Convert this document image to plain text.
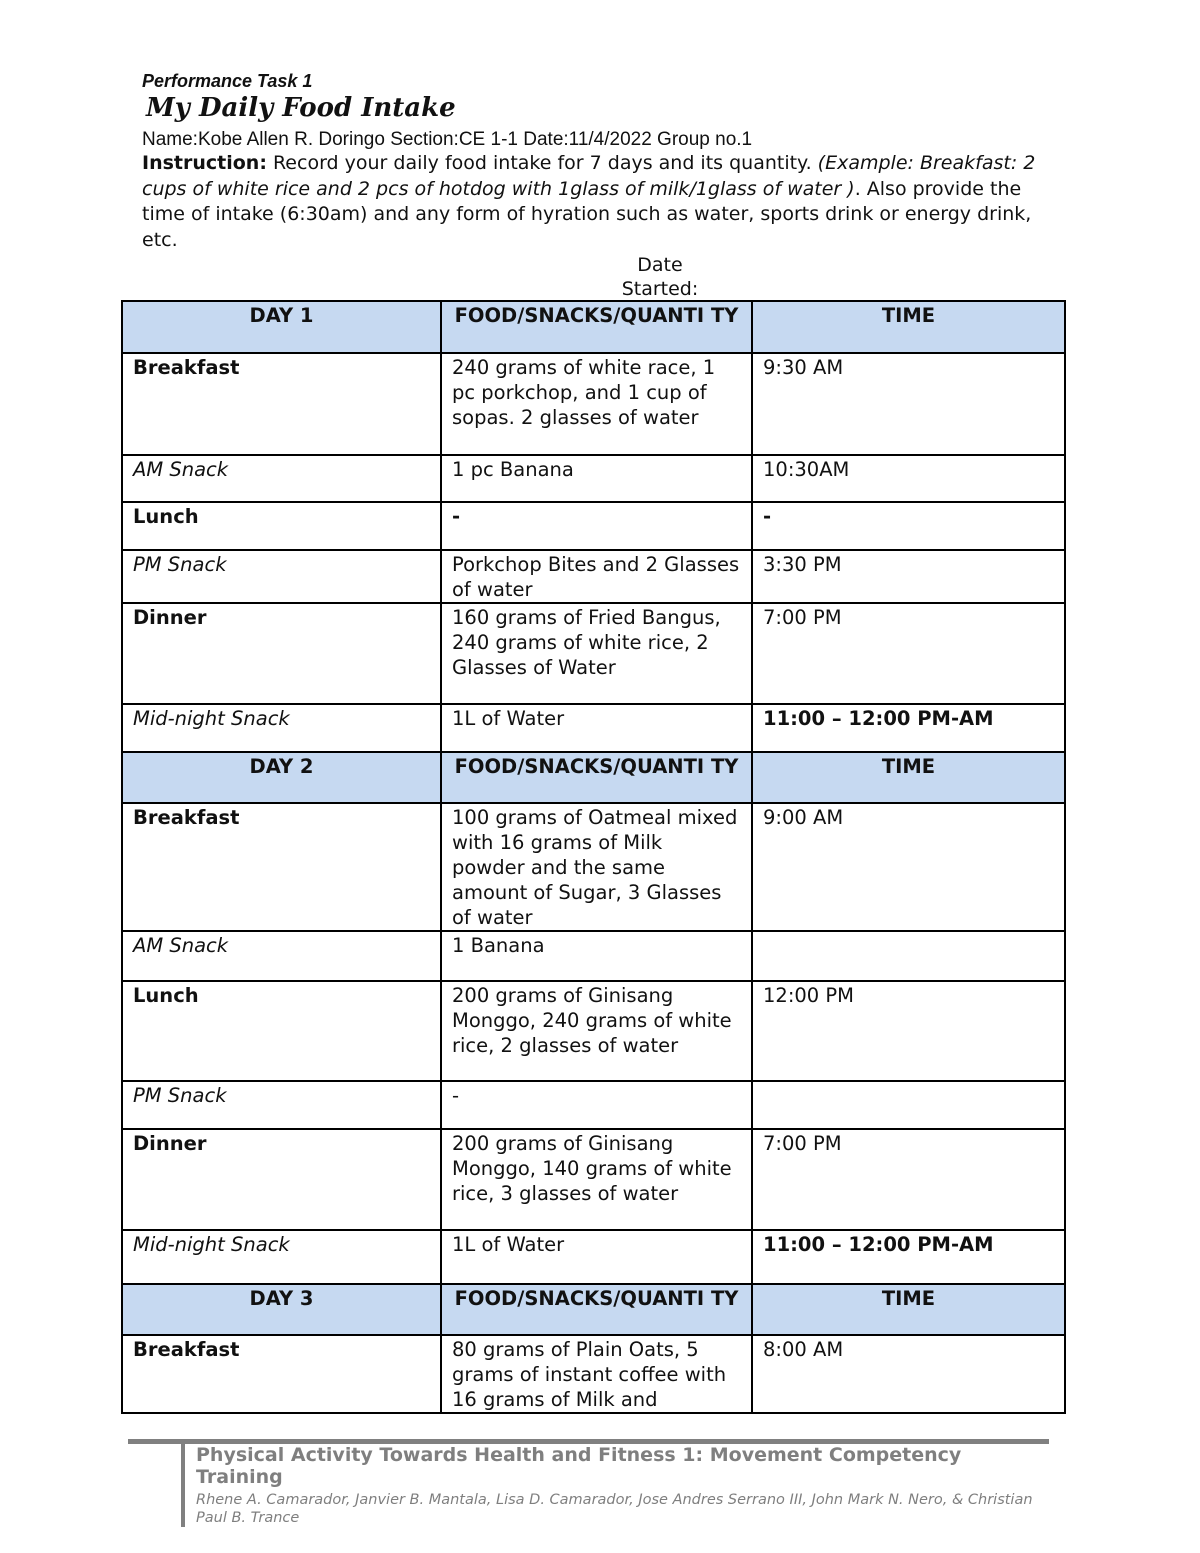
Performance Task 1
My Daily Food Intake
Name:Kobe Allen R. Doringo Section:CE 1-1 Date:11/4/2022 Group no.1
Instruction: Record your daily food intake for 7 days and its quantity. (Example: Breakfast: 2 cups of white rice and 2 pcs of hotdog with 1glass of milk/1glass of water ). Also provide the time of intake (6:30am) and any form of hyration such as water, sports drink or energy drink, etc.
Date
Started:
DAY 1	FOOD/SNACKS/QUANTI TY	TIME
Breakfast	240 grams of white race, 1 pc porkchop, and 1 cup of sopas. 2 glasses of water	9:30 AM
AM Snack	1 pc Banana	10:30AM
Lunch	-	-
PM Snack	Porkchop Bites and 2 Glasses of water	3:30 PM
Dinner	160 grams of Fried Bangus, 240 grams of white rice, 2 Glasses of Water	7:00 PM
Mid-night Snack	1L of Water	11:00 – 12:00 PM-AM
DAY 2	FOOD/SNACKS/QUANTI TY	TIME
Breakfast	100 grams of Oatmeal mixed with 16 grams of Milk powder and the same amount of Sugar, 3 Glasses of water	9:00 AM
AM Snack	1 Banana	
Lunch	200 grams of Ginisang Monggo, 240 grams of white rice, 2 glasses of water	12:00 PM
PM Snack	-	
Dinner	200 grams of Ginisang Monggo, 140 grams of white rice, 3 glasses of water	7:00 PM
Mid-night Snack	1L of Water	11:00 – 12:00 PM-AM
DAY 3	FOOD/SNACKS/QUANTI TY	TIME
Breakfast	80 grams of Plain Oats, 5 grams of instant coffee with 16 grams of Milk and	8:00 AM
Physical Activity Towards Health and Fitness 1: Movement Competency Training
Rhene A. Camarador, Janvier B. Mantala, Lisa D. Camarador, Jose Andres Serrano III, John Mark N. Nero, & Christian Paul B. Trance
